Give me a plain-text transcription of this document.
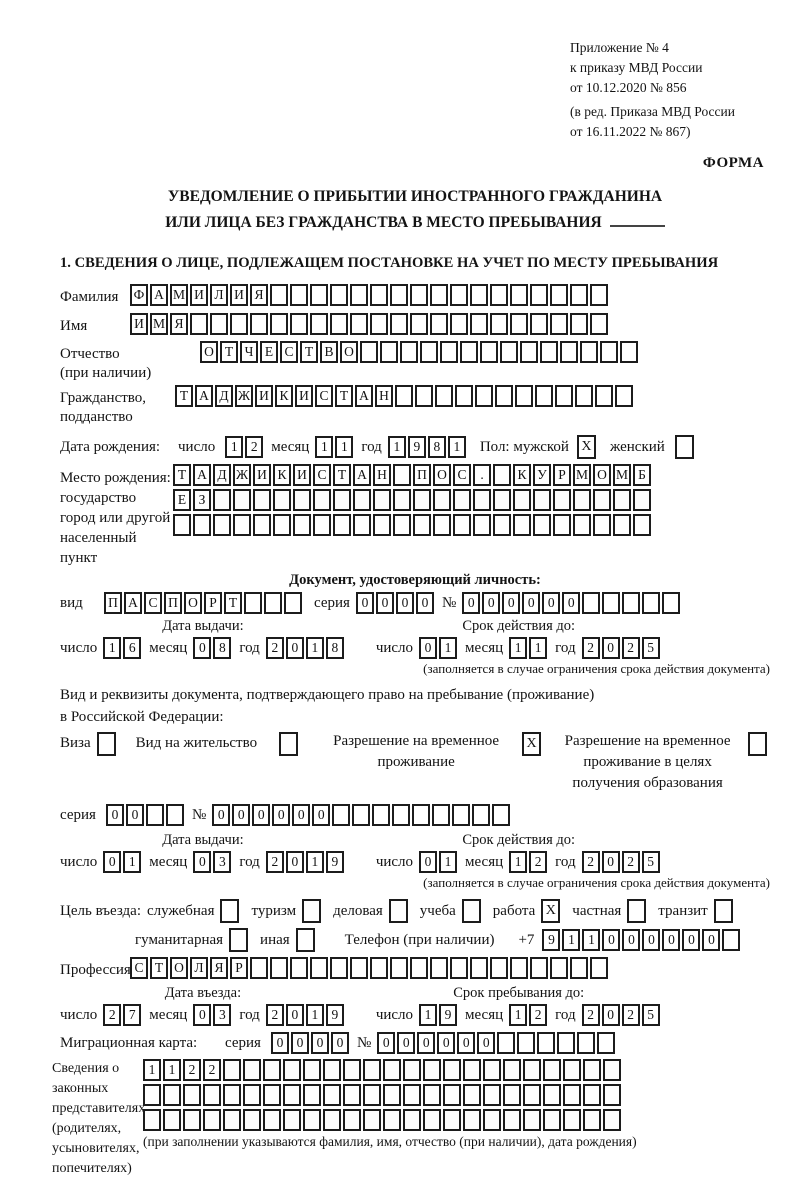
Приложение № 4
к приказу МВД России
от 10.12.2020 № 856
(в ред. Приказа МВД России
от 16.11.2022 № 867)
ФОРМА
УВЕДОМЛЕНИЕ О ПРИБЫТИИ ИНОСТРАННОГО ГРАЖДАНИНА
ИЛИ ЛИЦА БЕЗ ГРАЖДАНСТВА В МЕСТО ПРЕБЫВАНИЯ
1. СВЕДЕНИЯ О ЛИЦЕ, ПОДЛЕЖАЩЕМ ПОСТАНОВКЕ НА УЧЕТ ПО МЕСТУ ПРЕБЫВАНИЯ
Фамилия	Ф А М И Л И Я
Имя	И М Я
Отчество
(при наличии)
О Т Ч Е С Т В О
Гражданство,
подданство
Т А Д Ж И К И С Т А Н
Дата рождения:	число	1 2 месяц 1 1 год 1 9 8 1	Пол: мужской X женский
Место рождения:
государство
город или другой
населенный пункт
Т А Д Ж И К И С Т А Н	П О С	.	К У Р М О М Б
Е З
Документ, удостоверяющий личность:
вид	П А С П О Р Т	серия 0 0 0 0 № 0 0 0 0 0 0
Дата выдачи:
число 1 6 месяц 0 8 год 2 0 1 8
Срок действия до:
число 0 1 месяц 1 1 год 2 0 2 5
(заполняется в случае ограничения срока действия документа)
Вид и реквизиты документа, подтверждающего право на пребывание (проживание)
в Российской Федерации:
Виза	Вид на жительство	Разрешение на временное
проживание
X	Разрешение на временное
проживание в целях
получения образования
серия	0 0	№ 0 0 0 0 0 0
Дата выдачи:
число 0 1 месяц 0 3 год 2 0 1 9
Срок действия до:
число 0 1 месяц 1 2 год 2 0 2 5
(заполняется в случае ограничения срока действия документа)
Цель въезда: служебная туризм деловая учеба работа X частная транзит
гуманитарная иная	Телефон (при наличии) +7	9 1 1 0 0 0 0 0 0
Профессия С Т О Л Я Р
Дата въезда:
число 2 7 месяц 0 3 год 2 0 1 9
Срок пребывания до:
число 1 9 месяц 1 2 год 2 0 2 5
Миграционная карта:	серия	0 0 0 0 № 0 0 0 0 0 0
Сведения о
законных
представителях
(родителях,
усыновителях,
попечителях)
1 1 2 2
(при заполнении указываются фамилия, имя, отчество (при наличии), дата рождения)
